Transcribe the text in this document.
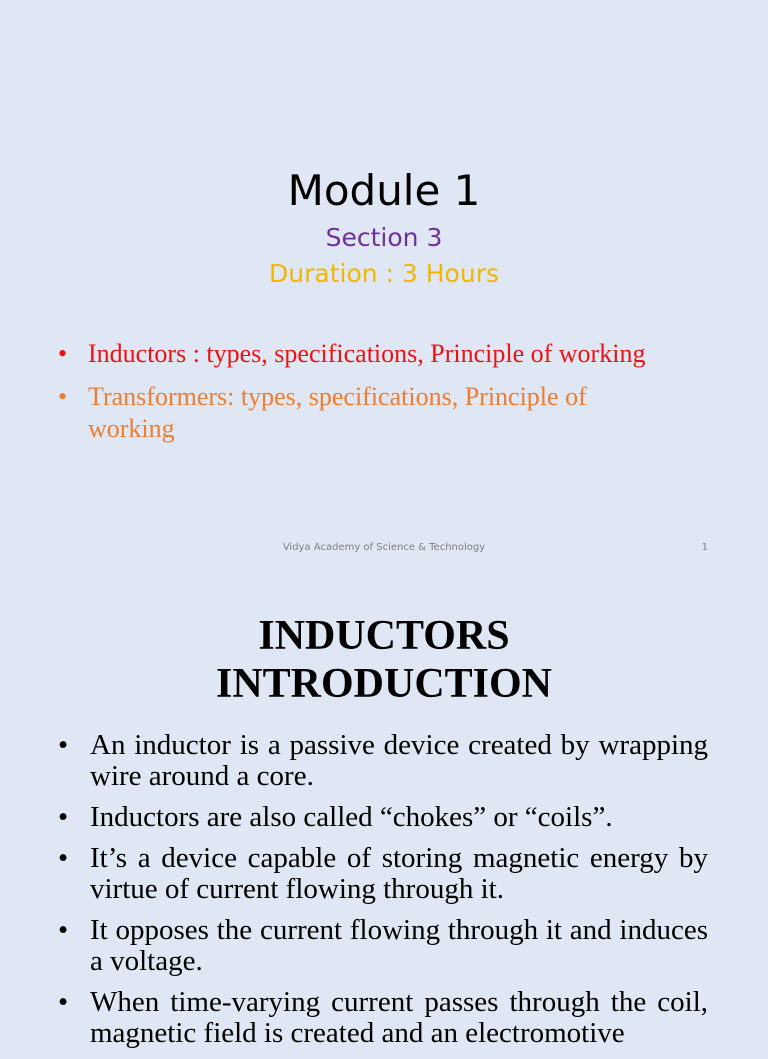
Module 1
Section 3
Duration : 3 Hours
• Inductors : types, specifications, Principle of working
• Transformers: types, specifications, Principle of working
Vidya Academy of Science & Technology	1
INDUCTORS
INTRODUCTION
• An inductor is a passive device created by wrapping wire around a core.
• Inductors are also called “chokes” or “coils”.
• It’s a device capable of storing magnetic energy by virtue of current flowing through it.
• It opposes the current flowing through it and induces a voltage.
• When time-varying current passes through the coil, magnetic field is created and an electromotive
